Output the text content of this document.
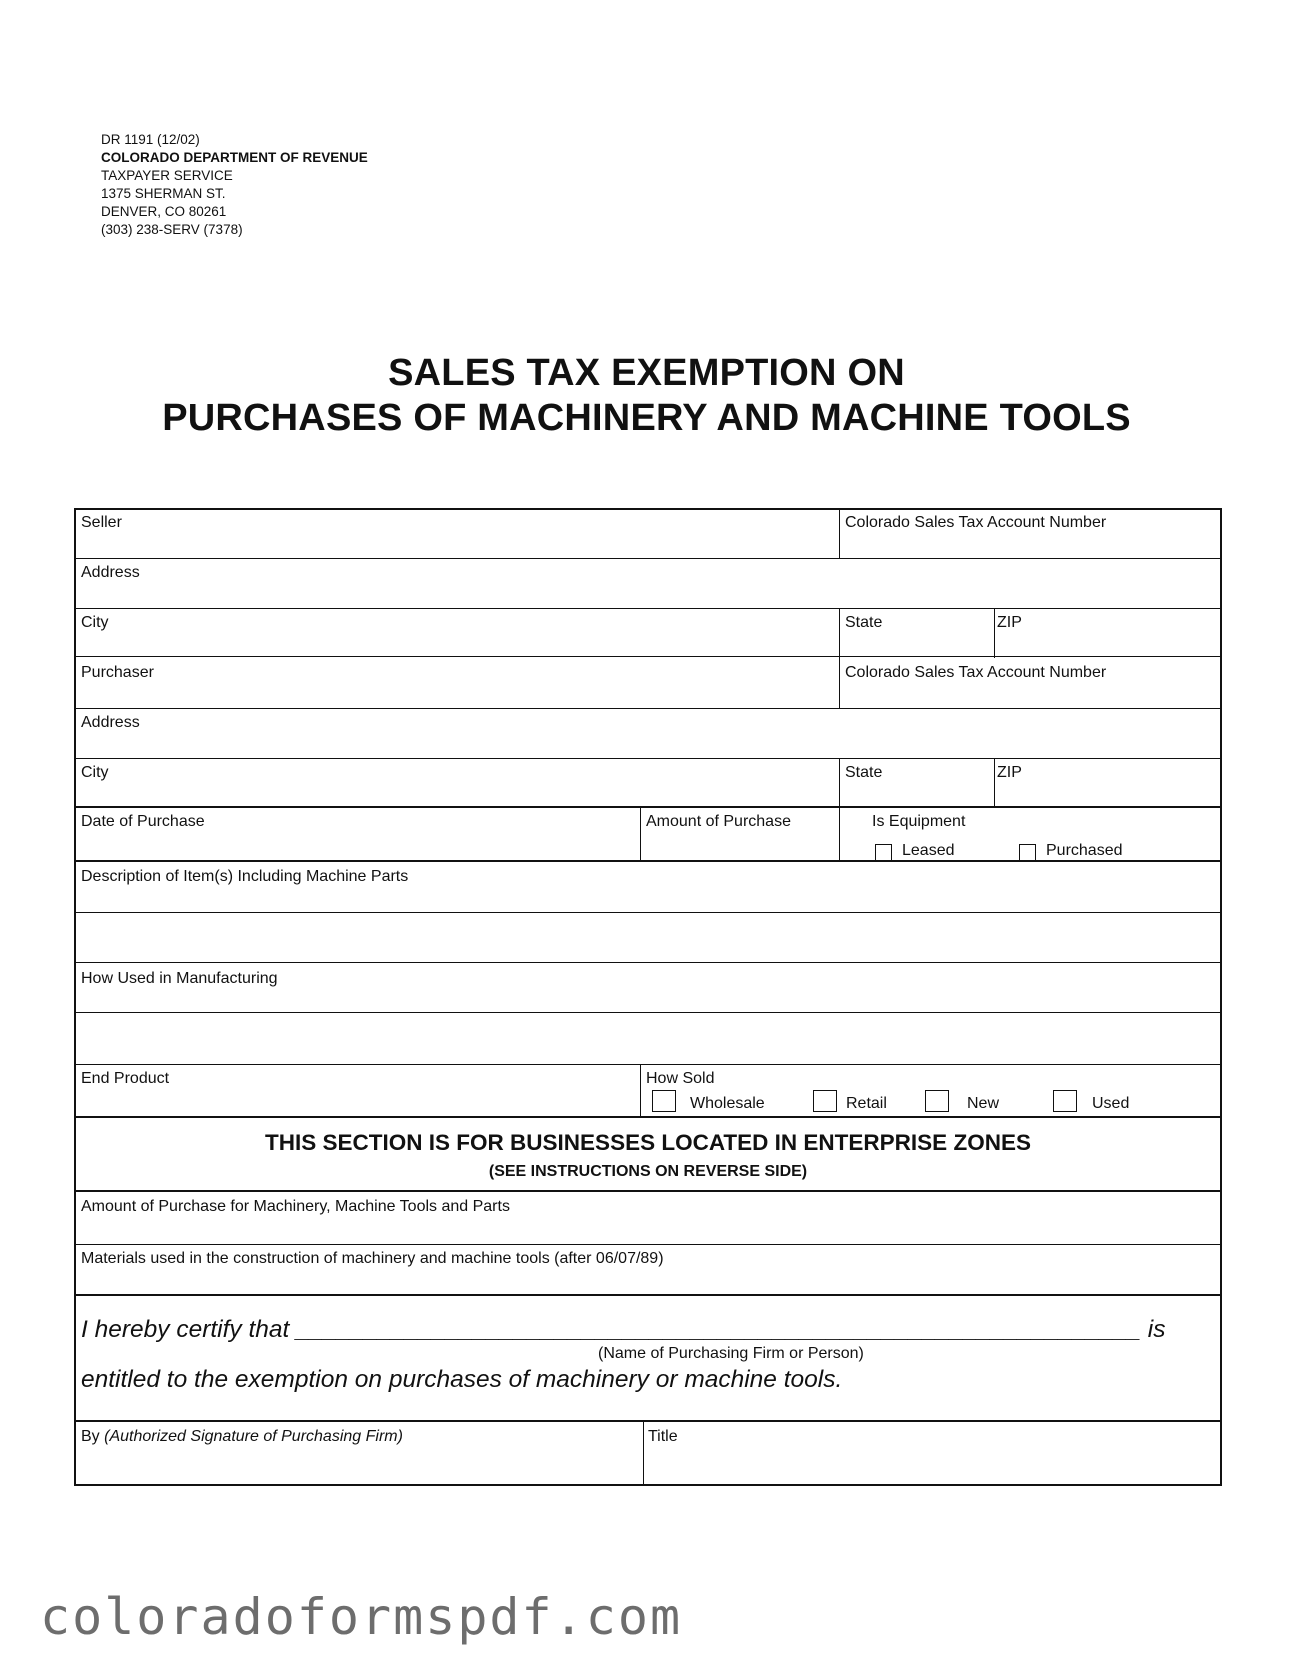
DR 1191 (12/02)
COLORADO DEPARTMENT OF REVENUE
TAXPAYER SERVICE
1375 SHERMAN ST.
DENVER, CO 80261
(303) 238-SERV (7378)
SALES TAX EXEMPTION ON
PURCHASES OF MACHINERY AND MACHINE TOOLS
Seller	Colorado Sales Tax Account Number
Address
City	State	ZIP
Purchaser	Colorado Sales Tax Account Number
Address
City	State	ZIP
Date of Purchase	Amount of Purchase	Is Equipment
Leased	Purchased
Description of Item(s) Including Machine Parts
How Used in Manufacturing
End Product	How Sold
Wholesale	Retail	New	Used
THIS SECTION IS FOR BUSINESSES LOCATED IN ENTERPRISE ZONES
(SEE INSTRUCTIONS ON REVERSE SIDE)
Amount of Purchase for Machinery, Machine Tools and Parts
Materials used in the construction of machinery and machine tools (after 06/07/89)
I hereby certify that ______________________________________________________________ is
(Name of Purchasing Firm or Person)
entitled to the exemption on purchases of machinery or machine tools.
By (Authorized Signature of Purchasing Firm)	Title
coloradoformspdf.com
